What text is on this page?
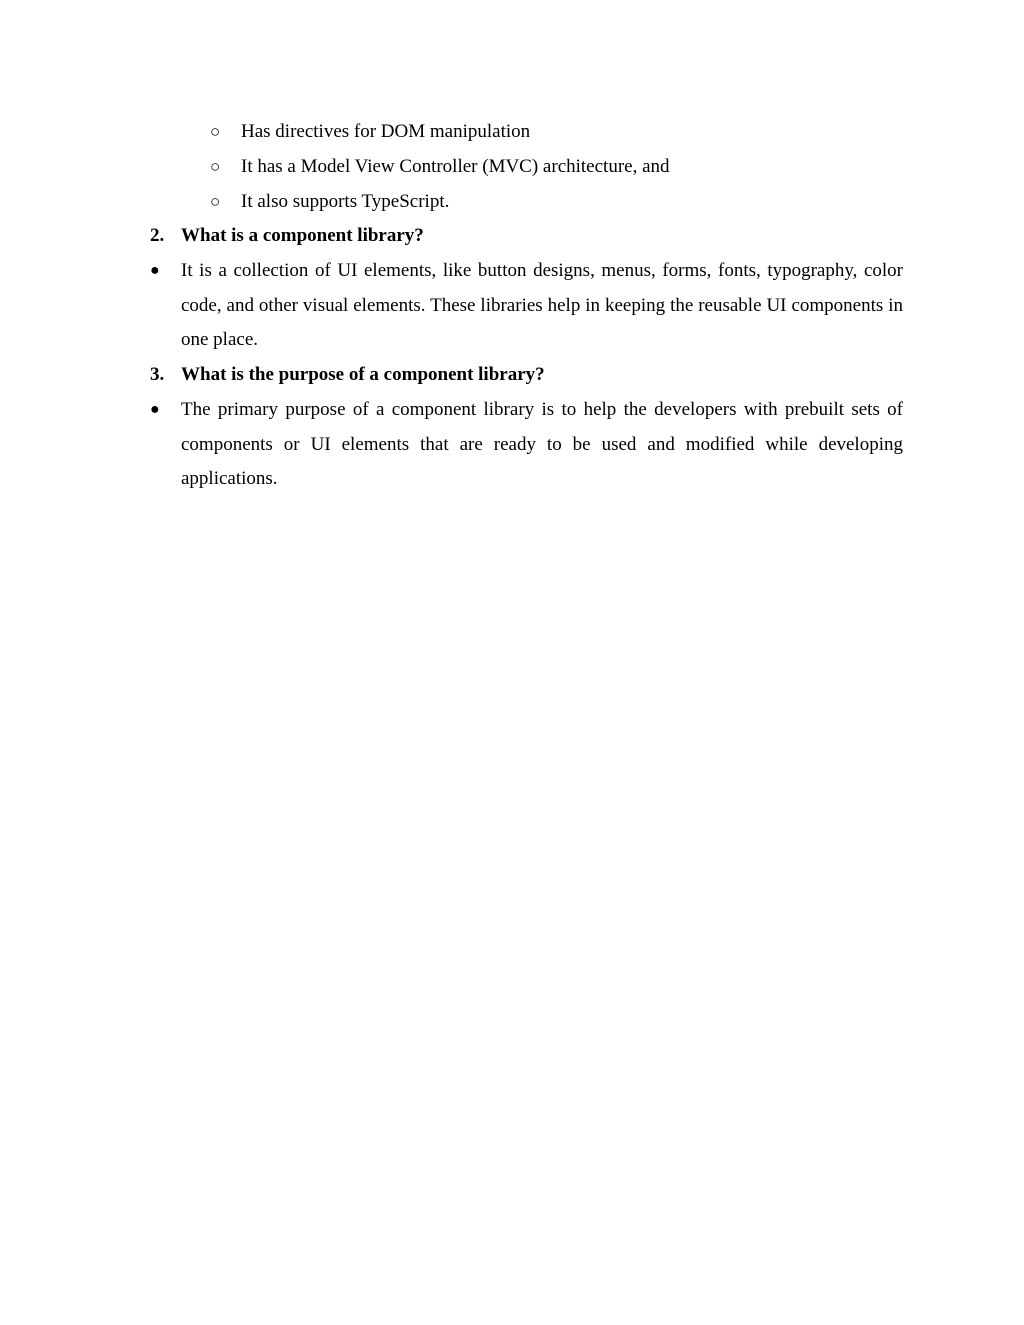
○ Has directives for DOM manipulation
○ It has a Model View Controller (MVC) architecture, and
○ It also supports TypeScript.
2. What is a component library?
● It is a collection of UI elements, like button designs, menus, forms, fonts, typography, color code, and other visual elements. These libraries help in keeping the reusable UI components in one place.
3. What is the purpose of a component library?
● The primary purpose of a component library is to help the developers with prebuilt sets of components or UI elements that are ready to be used and modified while developing applications.
